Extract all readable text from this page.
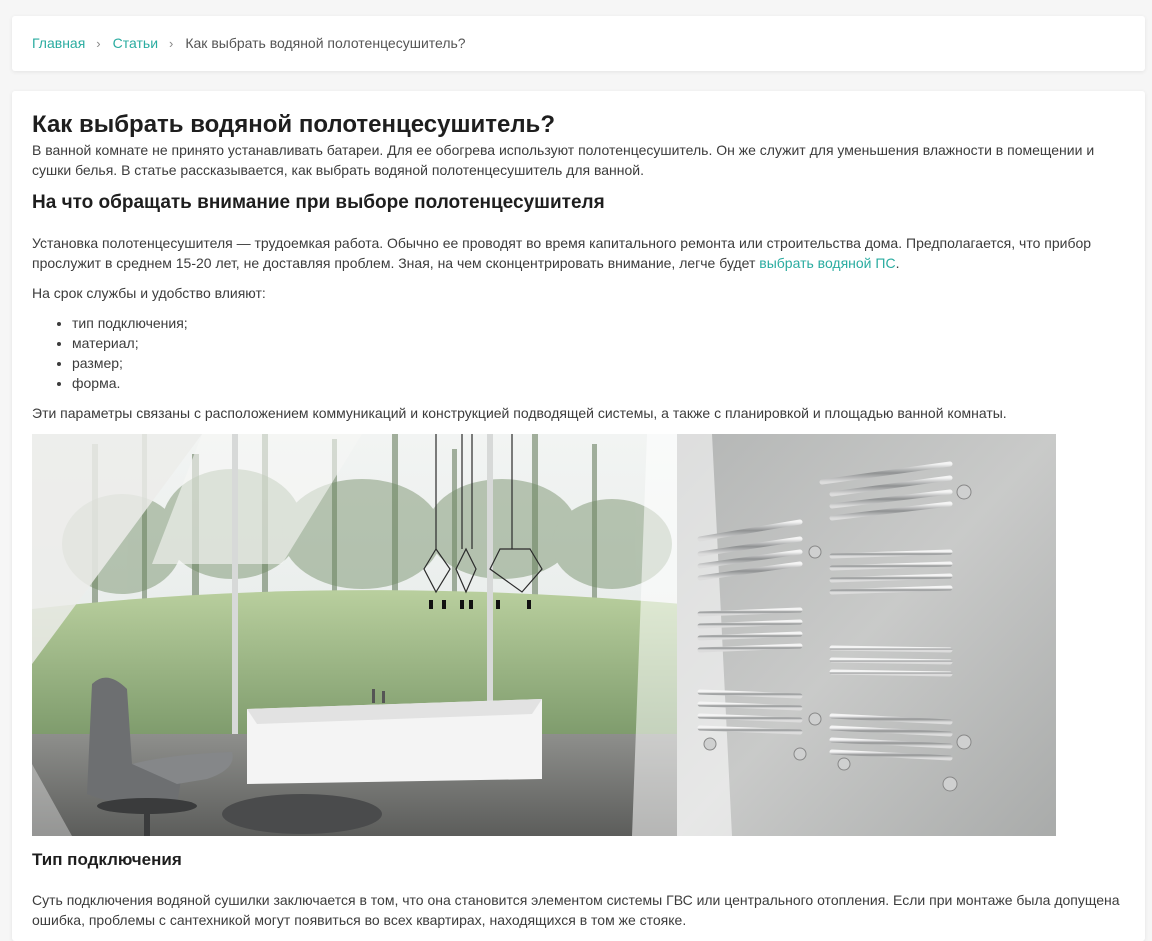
Главная › Статьи › Как выбрать водяной полотенцесушитель?
Как выбрать водяной полотенцесушитель?

В ванной комнате не принято устанавливать батареи. Для ее обогрева используют полотенцесушитель. Он же служит для уменьшения влажности в помещении и сушки белья. В статье рассказывается, как выбрать водяной полотенцесушитель для ванной.

На что обращать внимание при выборе полотенцесушителя

Установка полотенцесушителя — трудоемкая работа. Обычно ее проводят во время капитального ремонта или строительства дома. Предполагается, что прибор прослужит в среднем 15-20 лет, не доставляя проблем. Зная, на чем сконцентрировать внимание, легче будет выбрать водяной ПС.

На срок службы и удобство влияют:

• тип подключения;
• материал;
• размер;
• форма.

Эти параметры связаны с расположением коммуникаций и конструкцией подводящей системы, а также с планировкой и площадью ванной комнаты.

Тип подключения

Суть подключения водяной сушилки заключается в том, что она становится элементом системы ГВС или центрального отопления. Если при монтаже была допущена ошибка, проблемы с сантехникой могут появиться во всех квартирах, находящихся в том же стояке.
